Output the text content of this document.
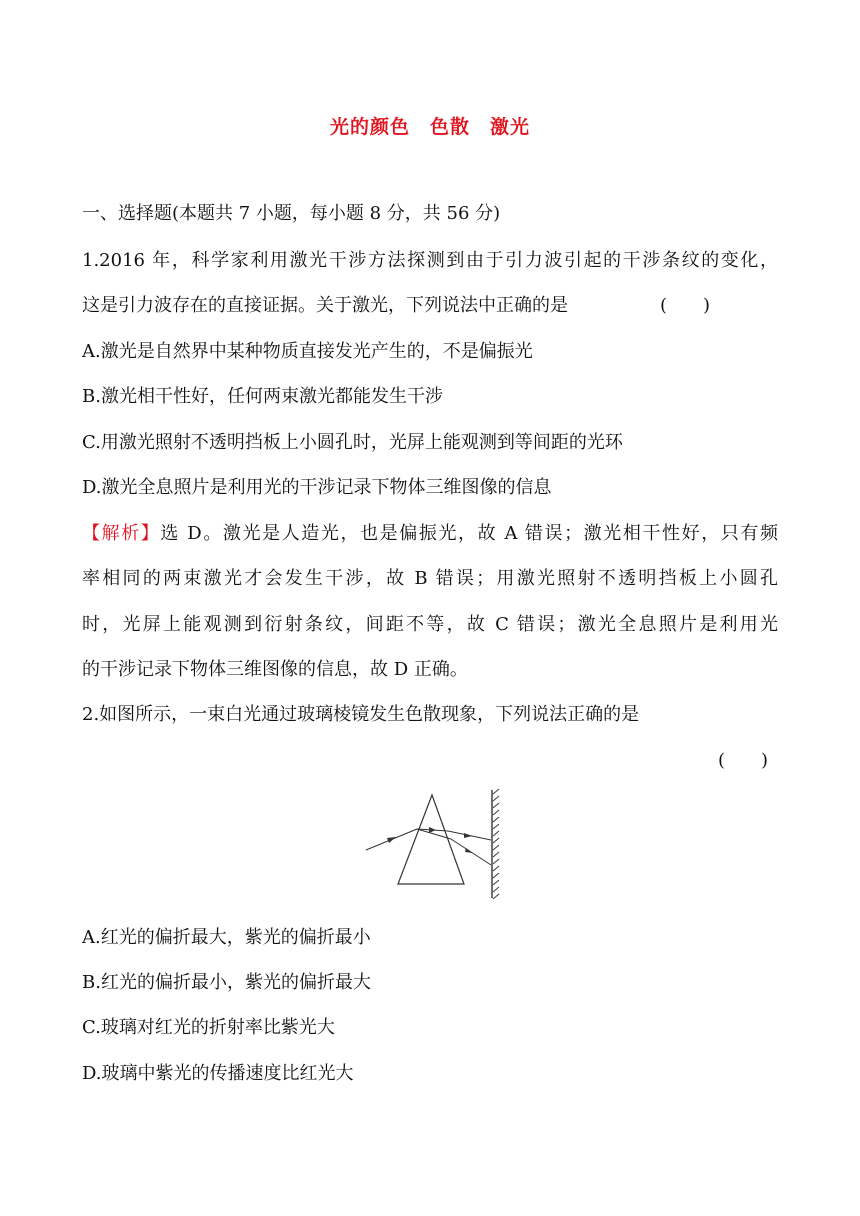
光的颜色　色散　激光
一、选择题(本题共 7 小题，每小题 8 分，共 56 分)
1.2016 年，科学家利用激光干涉方法探测到由于引力波引起的干涉条纹的变化，
这是引力波存在的直接证据。关于激光，下列说法中正确的是	(　　)
A.激光是自然界中某种物质直接发光产生的，不是偏振光
B.激光相干性好，任何两束激光都能发生干涉
C.用激光照射不透明挡板上小圆孔时，光屏上能观测到等间距的光环
D.激光全息照片是利用光的干涉记录下物体三维图像的信息
【解析】选 D。激光是人造光，也是偏振光，故 A 错误；激光相干性好，只有频
率相同的两束激光才会发生干涉，故 B 错误；用激光照射不透明挡板上小圆孔
时，光屏上能观测到衍射条纹，间距不等，故 C 错误；激光全息照片是利用光
的干涉记录下物体三维图像的信息，故 D 正确。
2.如图所示，一束白光通过玻璃棱镜发生色散现象，下列说法正确的是
(　　)
A.红光的偏折最大，紫光的偏折最小
B.红光的偏折最小，紫光的偏折最大
C.玻璃对红光的折射率比紫光大
D.玻璃中紫光的传播速度比红光大
